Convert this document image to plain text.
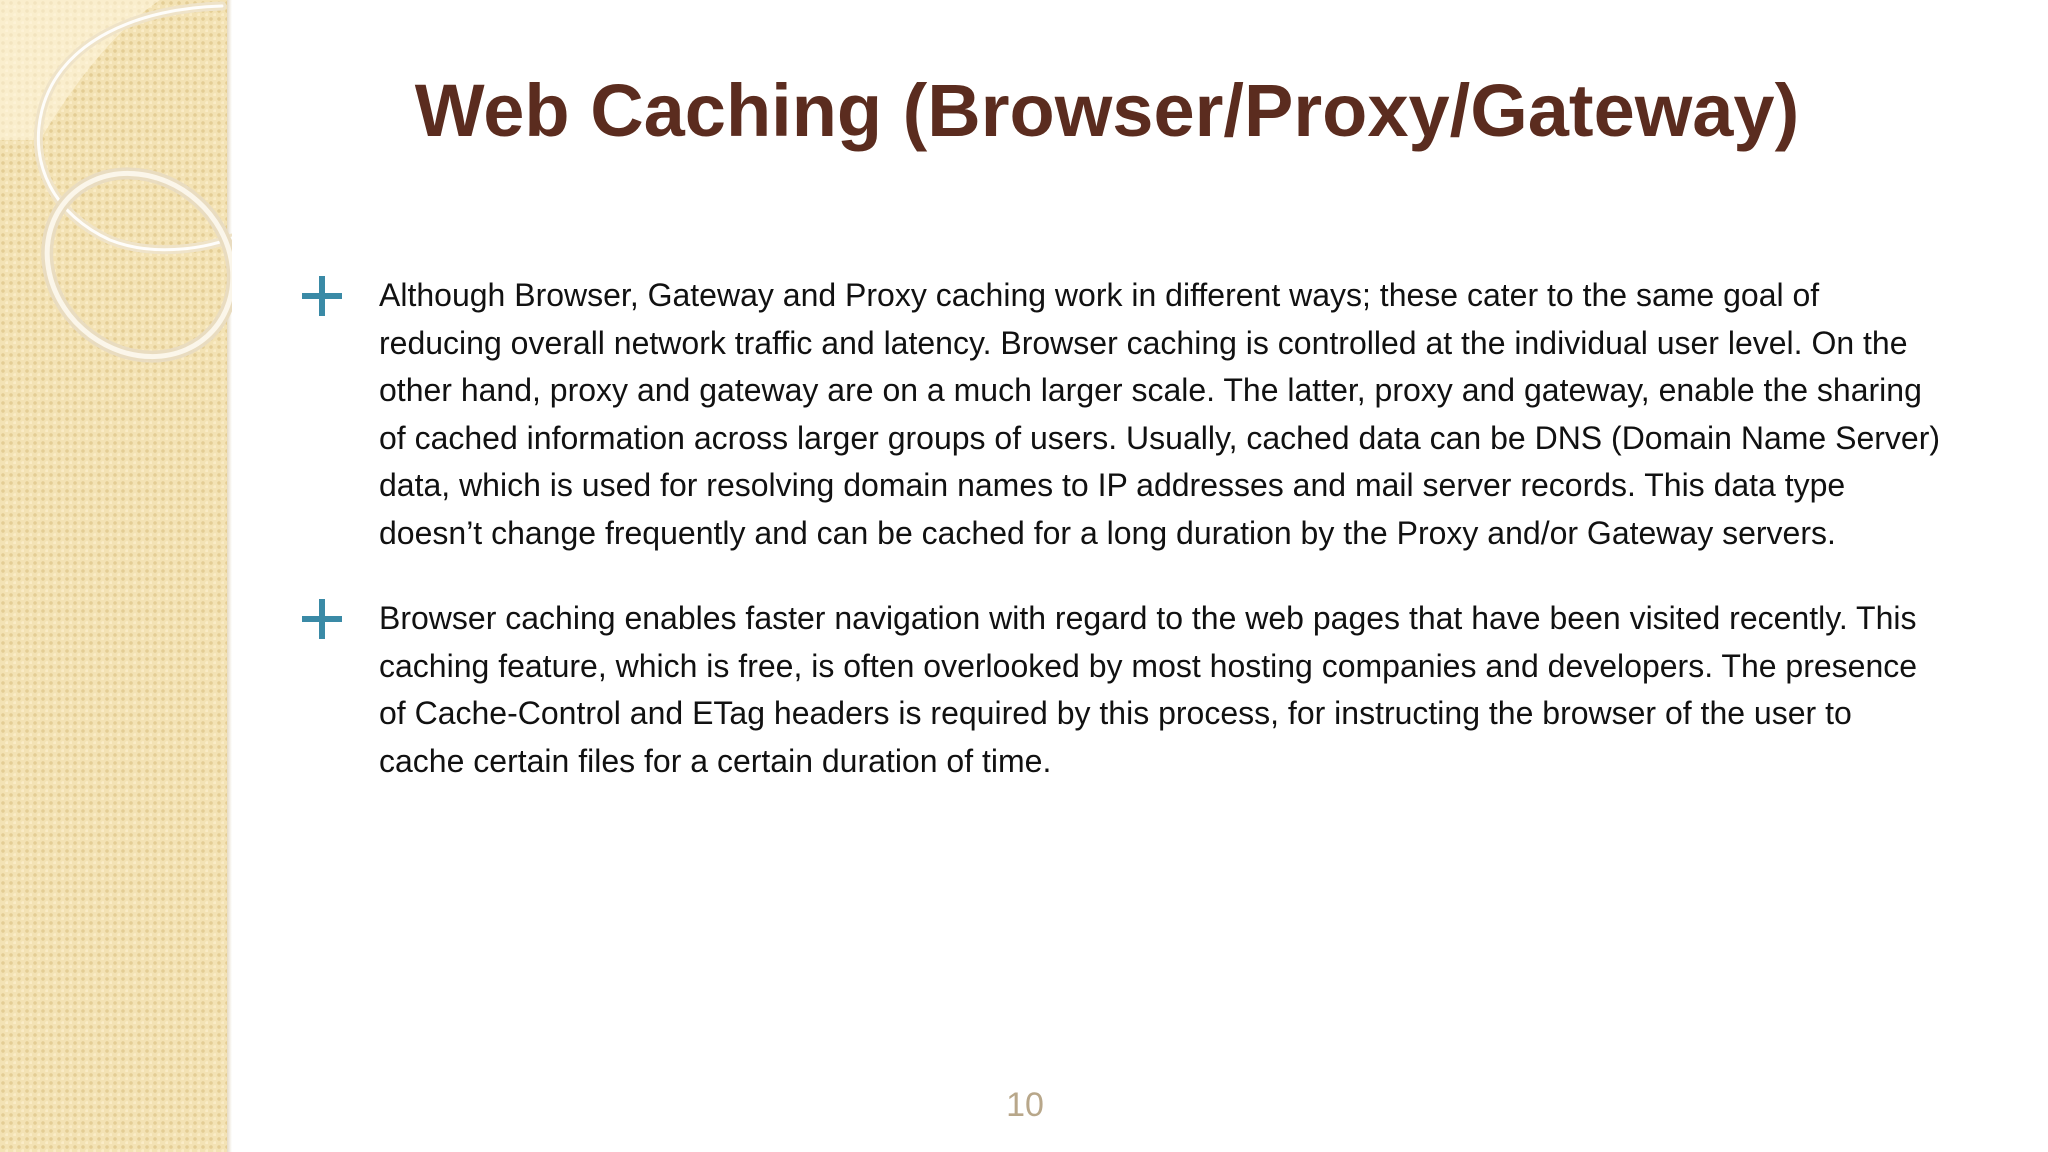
Web Caching (Browser/Proxy/Gateway)

Although Browser, Gateway and Proxy caching work in different ways; these cater to the same goal of reducing overall network traffic and latency. Browser caching is controlled at the individual user level. On the other hand, proxy and gateway are on a much larger scale. The latter, proxy and gateway, enable the sharing of cached information across larger groups of users. Usually, cached data can be DNS (Domain Name Server) data, which is used for resolving domain names to IP addresses and mail server records. This data type doesn’t change frequently and can be cached for a long duration by the Proxy and/or Gateway servers.

Browser caching enables faster navigation with regard to the web pages that have been visited recently. This caching feature, which is free, is often overlooked by most hosting companies and developers. The presence of Cache-Control and ETag headers is required by this process, for instructing the browser of the user to cache certain files for a certain duration of time.

10
